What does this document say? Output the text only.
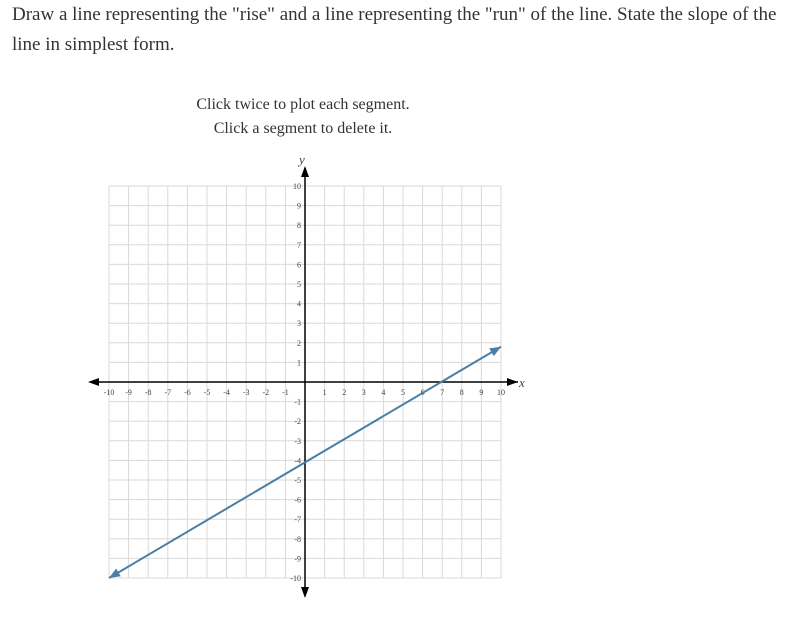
Draw a line representing the "rise" and a line representing the "run" of the line. State the slope of the line in simplest form.

Click twice to plot each segment.
Click a segment to delete it.
-10 -9 -8 -7 -6 -5 -4 -3 -2 -1	1 2 3 4 5	7 8 9 10
10
9
8
7
6
5
4
3
2
1
-1
-2
-3
-4
-5
-6
-7
-8
-9
-10
x
y
